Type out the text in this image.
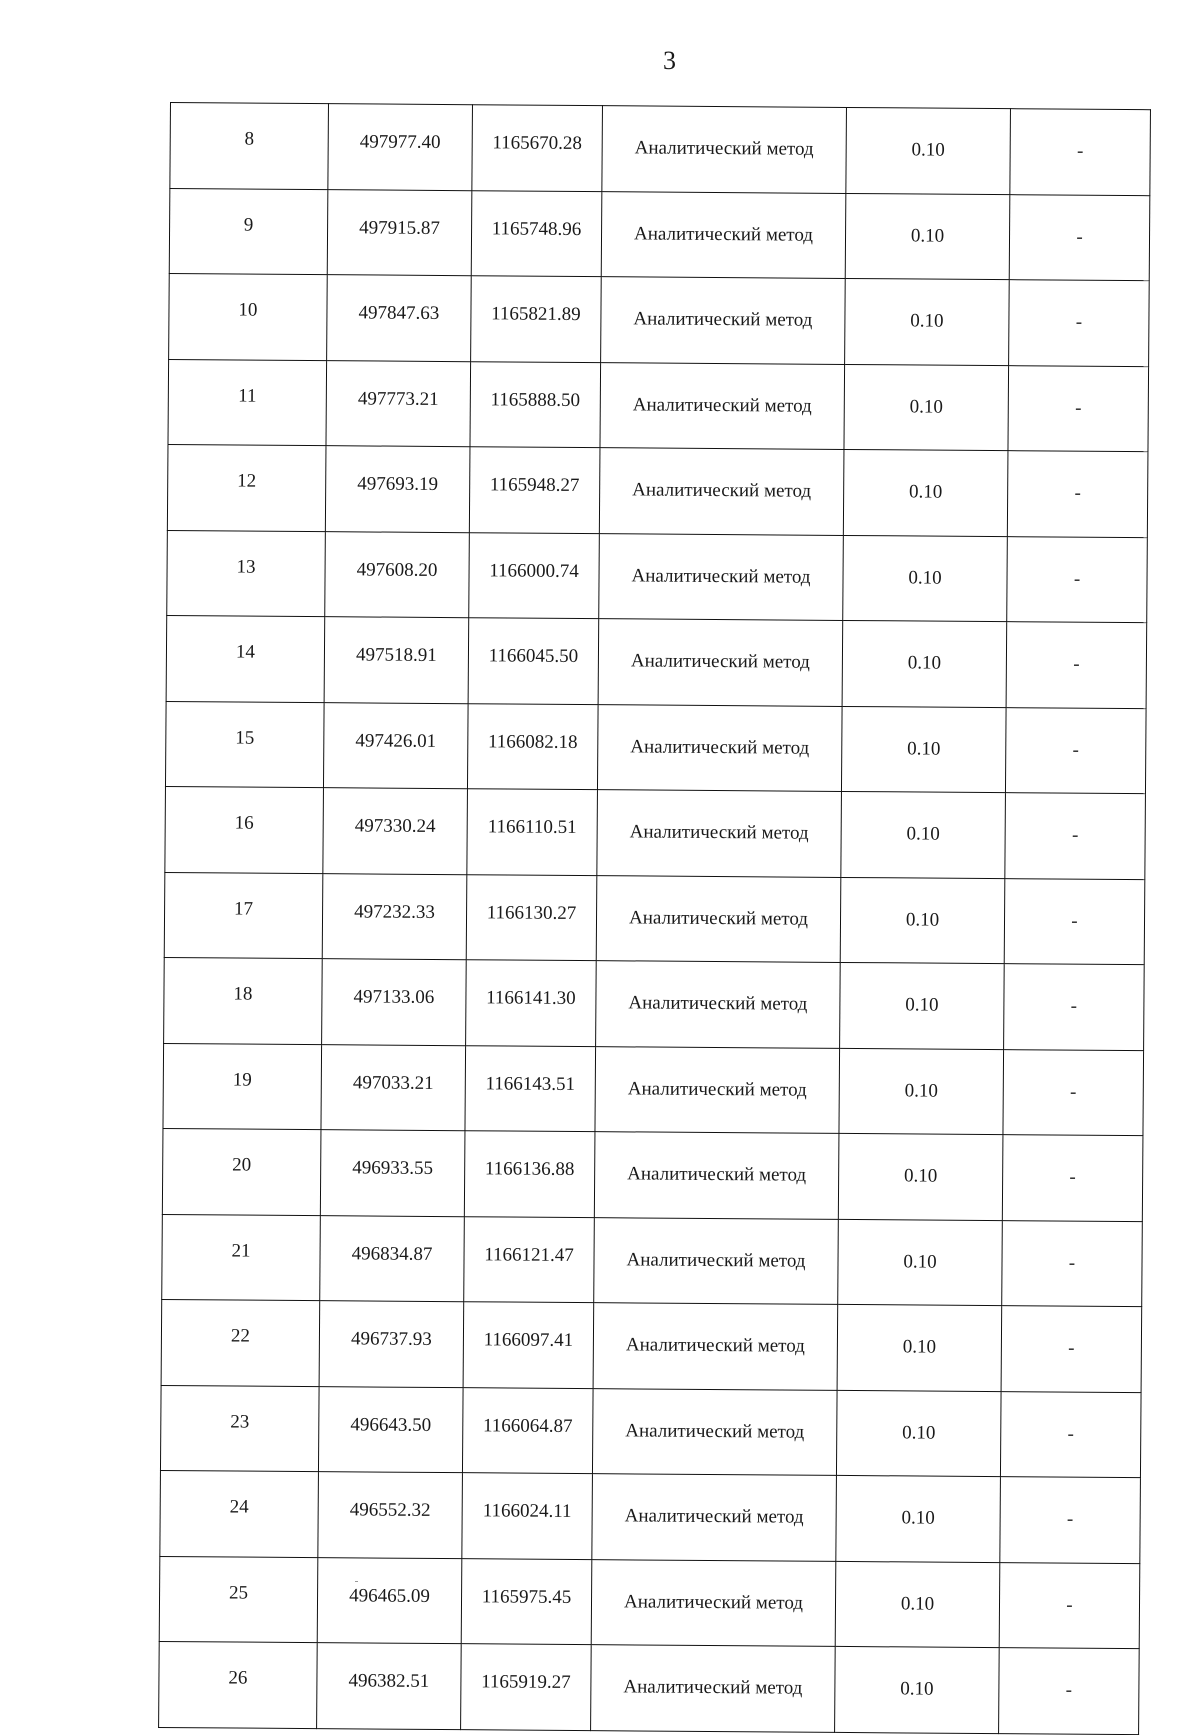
3
8	497977.40	1165670.28	Аналитический метод	0.10	-
9	497915.87	1165748.96	Аналитический метод	0.10	-
10	497847.63	1165821.89	Аналитический метод	0.10	-
11	497773.21	1165888.50	Аналитический метод	0.10	-
12	497693.19	1165948.27	Аналитический метод	0.10	-
13	497608.20	1166000.74	Аналитический метод	0.10	-
14	497518.91	1166045.50	Аналитический метод	0.10	-
15	497426.01	1166082.18	Аналитический метод	0.10	-
16	497330.24	1166110.51	Аналитический метод	0.10	-
17	497232.33	1166130.27	Аналитический метод	0.10	-
18	497133.06	1166141.30	Аналитический метод	0.10	-
19	497033.21	1166143.51	Аналитический метод	0.10	-
20	496933.55	1166136.88	Аналитический метод	0.10	-
21	496834.87	1166121.47	Аналитический метод	0.10	-
22	496737.93	1166097.41	Аналитический метод	0.10	-
23	496643.50	1166064.87	Аналитический метод	0.10	-
24	496552.32	1166024.11	Аналитический метод	0.10	-
25	496465.09	1165975.45	Аналитический метод	0.10	-
26	496382.51	1165919.27	Аналитический метод	0.10	-
